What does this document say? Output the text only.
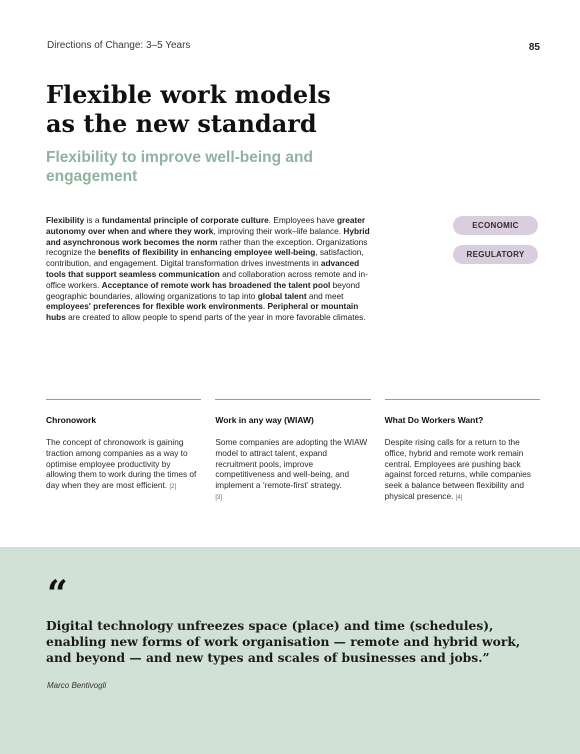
Directions of Change: 3–5 Years	85
Flexible work models as the new standard
Flexibility to improve well-being and engagement

Flexibility is a fundamental principle of corporate culture. Employees have greater autonomy over when and where they work, improving their work–life balance. Hybrid and asynchronous work becomes the norm rather than the exception. Organizations recognize the benefits of flexibility in enhancing employee well-being, satisfaction, contribution, and engagement. Digital transformation drives investments in advanced tools that support seamless communication and collaboration across remote and in-office workers. Acceptance of remote work has broadened the talent pool beyond geographic boundaries, allowing organizations to tap into global talent and meet employees' preferences for flexible work environments. Peripheral or mountain hubs are created to allow people to spend parts of the year in more favorable climates.

ECONOMIC
REGULATORY

Chronowork

The concept of chronowork is gaining traction among companies as a way to optimise employee productivity by allowing them to work during the times of day when they are most efficient. [2]

Work in any way (WIAW)

Some companies are adopting the WIAW model to attract talent, expand recruitment pools, improve competitiveness and well-being, and implement a ‘remote-first’ strategy.
[3]

What Do Workers Want?

Despite rising calls for a return to the office, hybrid and remote work remain central. Employees are pushing back against forced returns, while companies seek a balance between flexibility and physical presence. [4]

“

Digital technology unfreezes space (place) and time (schedules), enabling new forms of work organisation — remote and hybrid work, and beyond — and new types and scales of businesses and jobs.”

Marco Bentivogli
